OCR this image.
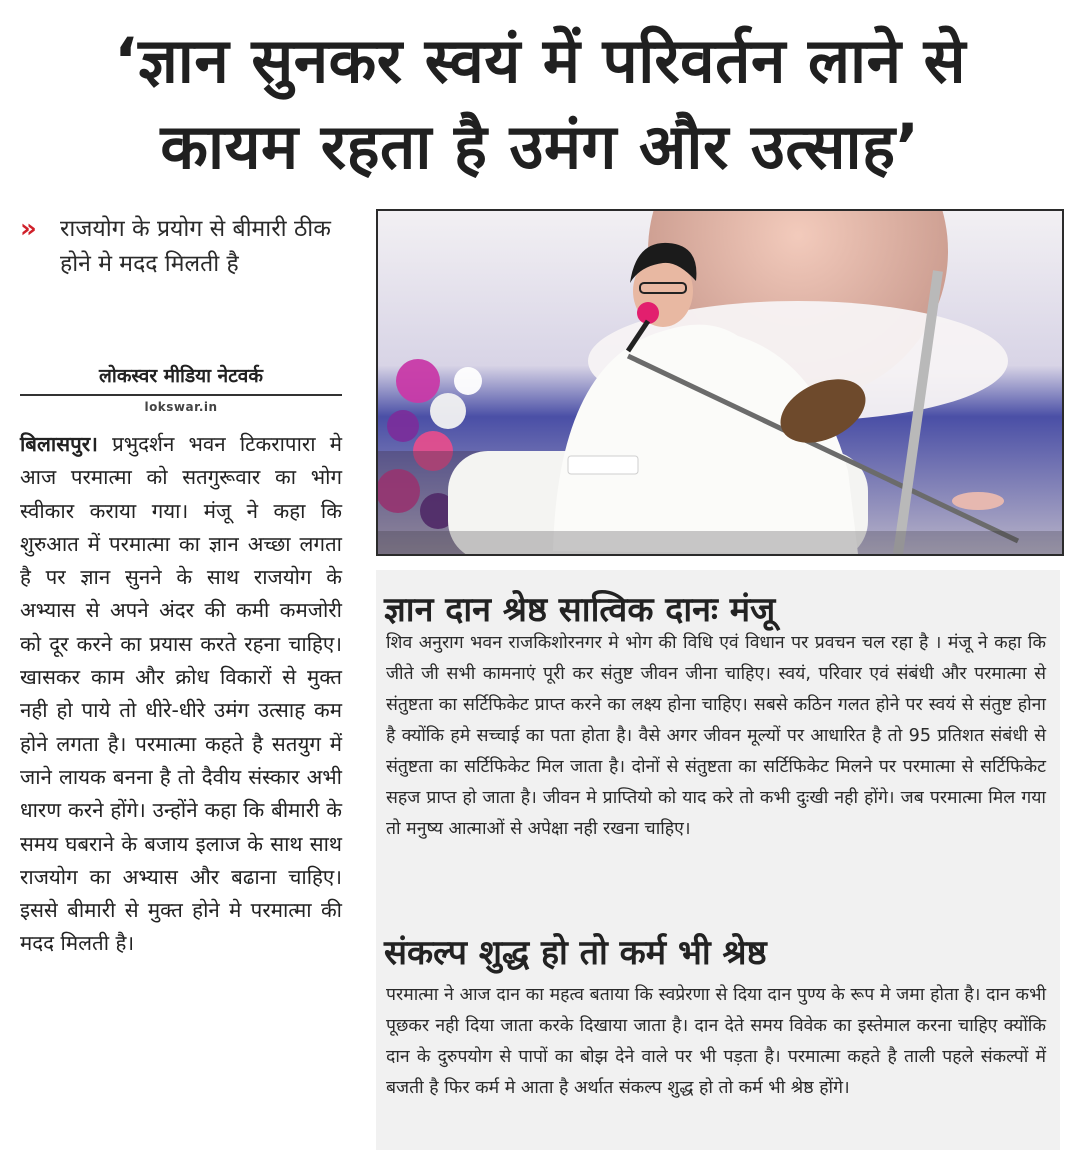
‘ज्ञान सुनकर स्वयं में परिवर्तन लाने से
कायम रहता है उमंग और उत्साह’
» राजयोग के प्रयोग से बीमारी ठीक होने मे मदद मिलती है
लोकस्वर मीडिया नेटवर्क
lokswar.in
बिलासपुर। प्रभुदर्शन भवन टिकरापारा मे आज परमात्मा को सतगुरूवार का भोग स्वीकार कराया गया। मंजू ने कहा कि शुरुआत में परमात्मा का ज्ञान अच्छा लगता है पर ज्ञान सुनने के साथ राजयोग के अभ्यास से अपने अंदर की कमी कमजोरी को दूर करने का प्रयास करते रहना चाहिए। खासकर काम और क्रोध विकारों से मुक्त नही हो पाये तो धीरे-धीरे उमंग उत्साह कम होने लगता है। परमात्मा कहते है सतयुग में जाने लायक बनना है तो दैवीय संस्कार अभी धारण करने होंगे। उन्होंने कहा कि बीमारी के समय घबराने के बजाय इलाज के साथ साथ राजयोग का अभ्यास और बढाना चाहिए। इससे बीमारी से मुक्त होने मे परमात्मा की मदद मिलती है।
ज्ञान दान श्रेष्ठ सात्विक दानः मंजू
शिव अनुराग भवन राजकिशोरनगर मे भोग की विधि एवं विधान पर प्रवचन चल रहा है । मंजू ने कहा कि जीते जी सभी कामनाएं पूरी कर संतुष्ट जीवन जीना चाहिए। स्वयं, परिवार एवं संबंधी और परमात्मा से संतुष्टता का सर्टिफिकेट प्राप्त करने का लक्ष्य होना चाहिए। सबसे कठिन गलत होने पर स्वयं से संतुष्ट होना है क्योंकि हमे सच्चाई का पता होता है। वैसे अगर जीवन मूल्यों पर आधारित है तो 95 प्रतिशत संबंधी से संतुष्टता का सर्टिफिकेट मिल जाता है। दोनों से संतुष्टता का सर्टिफिकेट मिलने पर परमात्मा से सर्टिफिकेट सहज प्राप्त हो जाता है। जीवन मे प्राप्तियो को याद करे तो कभी दुःखी नही होंगे। जब परमात्मा मिल गया तो मनुष्य आत्माओं से अपेक्षा नही रखना चाहिए।
संकल्प शुद्ध हो तो कर्म भी श्रेष्ठ
परमात्मा ने आज दान का महत्व बताया कि स्वप्रेरणा से दिया दान पुण्य के रूप मे जमा होता है। दान कभी पूछकर नही दिया जाता करके दिखाया जाता है। दान देते समय विवेक का इस्तेमाल करना चाहिए क्योंकि दान के दुरुपयोग से पापों का बोझ देने वाले पर भी पड़ता है। परमात्मा कहते है ताली पहले संकल्पों में बजती है फिर कर्म मे आता है अर्थात संकल्प शुद्ध हो तो कर्म भी श्रेष्ठ होंगे।
